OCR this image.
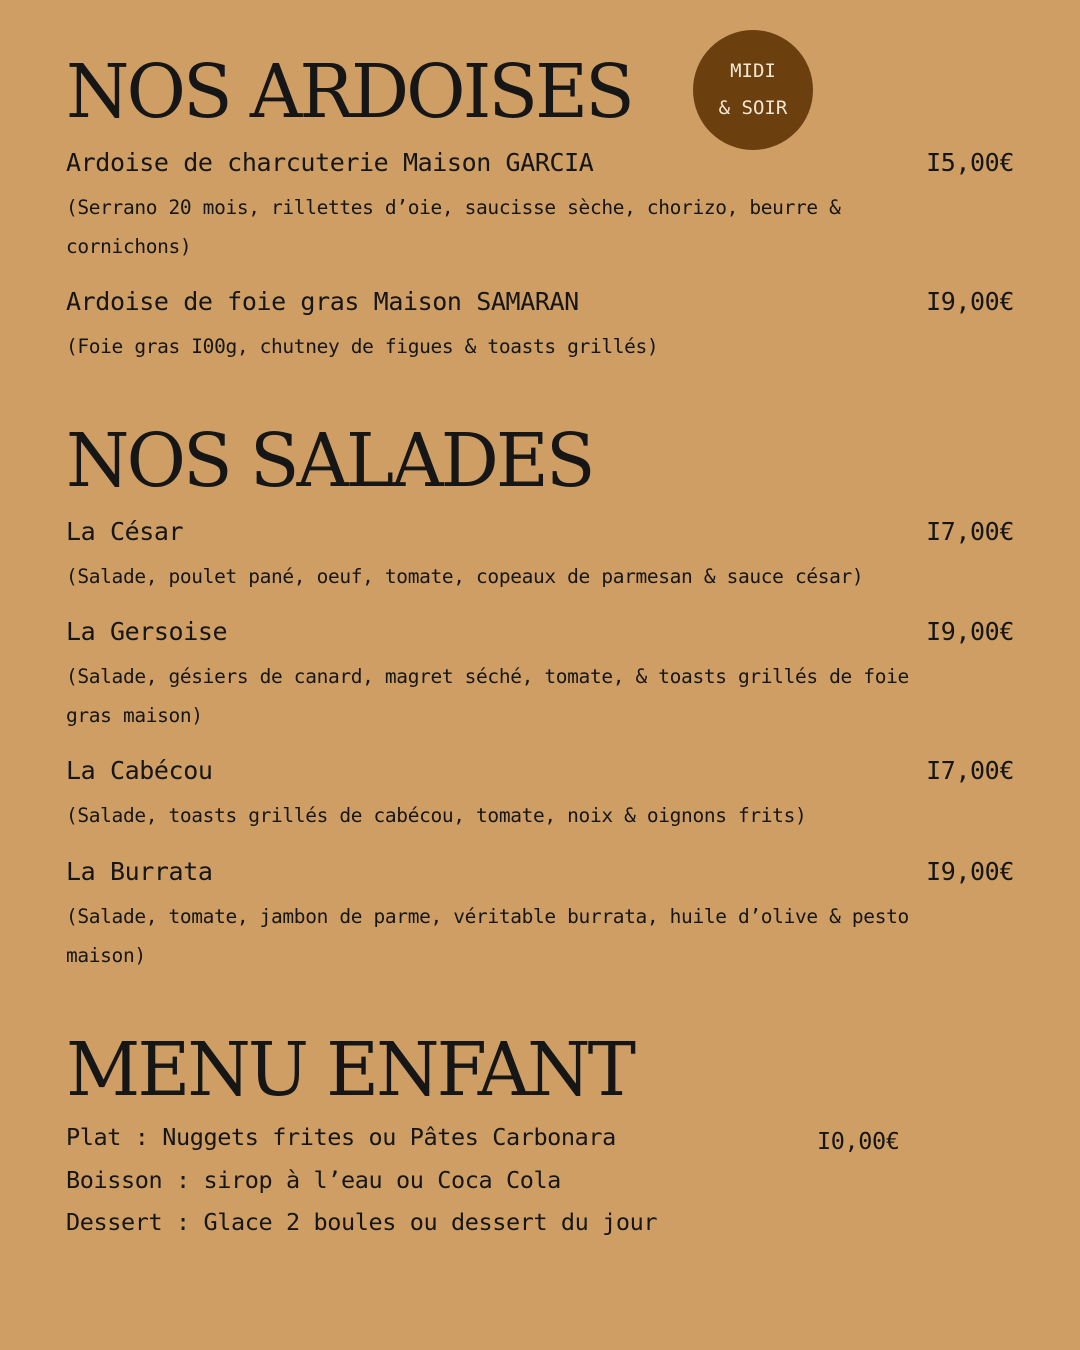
MIDI
& SOIR
NOS ARDOISES
Ardoise de charcuterie Maison GARCIA	I5,00€
(Serrano 20 mois, rillettes d’oie, saucisse sèche, chorizo, beurre & cornichons)
Ardoise de foie gras Maison SAMARAN	I9,00€
(Foie gras I00g, chutney de figues & toasts grillés)
NOS SALADES
La César	I7,00€
(Salade, poulet pané, oeuf, tomate, copeaux de parmesan & sauce césar)
La Gersoise	I9,00€
(Salade, gésiers de canard, magret séché, tomate, & toasts grillés de foie gras maison)
La Cabécou	I7,00€
(Salade, toasts grillés de cabécou, tomate, noix & oignons frits)
La Burrata	I9,00€
(Salade, tomate, jambon de parme, véritable burrata, huile d’olive & pesto maison)
MENU ENFANT
Plat : Nuggets frites ou Pâtes Carbonara
Boisson : sirop à l’eau ou Coca Cola
Dessert : Glace 2 boules ou dessert du jour
I0,00€
